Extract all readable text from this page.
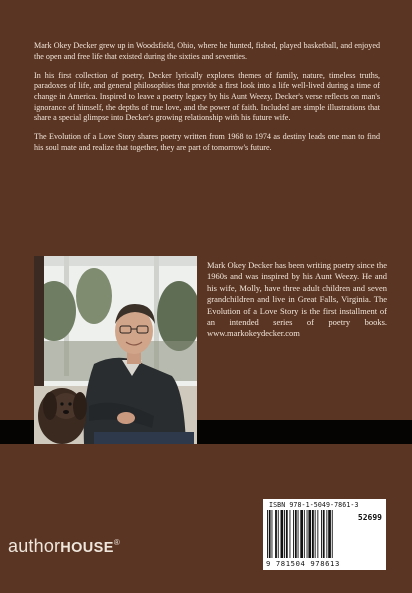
Mark Okey Decker grew up in Woodsfield, Ohio, where he hunted, fished, played basketball, and enjoyed the open and free life that existed during the sixties and seventies.

In his first collection of poetry, Decker lyrically explores themes of family, nature, timeless truths, paradoxes of life, and general philosophies that provide a first look into a life well-lived during a time of change in America. Inspired to leave a poetry legacy by his Aunt Weezy, Decker's verse reflects on man's ignorance of himself, the depths of true love, and the power of faith. Included are simple illustrations that share a special glimpse into Decker's growing relationship with his future wife.

The Evolution of a Love Story shares poetry written from 1968 to 1974 as destiny leads one man to find his soul mate and realize that together, they are part of tomorrow's future.

Mark Okey Decker has been writing poetry since the 1960s and was inspired by his Aunt Weezy. He and his wife, Molly, have three adult children and seven grandchildren and live in Great Falls, Virginia. The Evolution of a Love Story is the first installment of an intended series of poetry books. www.markokeydecker.com
ISBN 978-1-5049-7861-3
52699
9 781504 978613
authorHOUSE®
